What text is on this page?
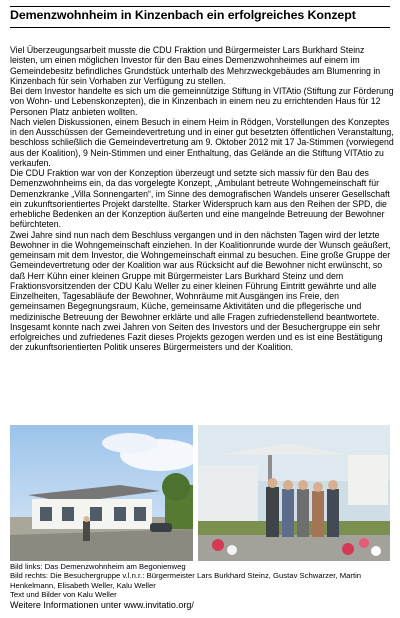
Demenzwohnheim in Kinzenbach ein erfolgreiches Konzept

Viel Überzeugungsarbeit musste die CDU Fraktion und Bürgermeister Lars Burkhard Steinz leisten, um einen möglichen Investor für den Bau eines Demenzwohnheimes auf einem im Gemeindebesitz befindliches Grundstück unterhalb des Mehrzweckgebäudes am Blumenring in Kinzenbach für sein Vorhaben zur Verfügung zu stellen.

Bei dem Investor handelte es sich um die gemeinnützige Stiftung in VITAtio (Stiftung zur Förderung von Wohn- und Lebenskonzepten), die in Kinzenbach in einem neu zu errichtenden Haus für 12 Personen Platz anbieten wollten.

Nach vielen Diskussionen, einem Besuch in einem Heim in Rödgen, Vorstellungen des Konzeptes in den Ausschüssen der Gemeindevertretung und in einer gut besetzten öffentlichen Veranstaltung, beschloss schließlich die Gemeindevertretung am 9. Oktober 2012 mit 17 Ja-Stimmen (vorwiegend aus der Koalition), 9 Nein-Stimmen und einer Enthaltung, das Gelände an die Stiftung VITAtio zu verkaufen.

Die CDU Fraktion war von der Konzeption überzeugt und setzte sich massiv für den Bau des Demenzwohnheims ein, da das vorgelegte Konzept, „Ambulant betreute Wohngemeinschaft für Demenzkranke „Villa Sonnengarten“, im Sinne des demografischen Wandels unserer Gesellschaft ein zukunftsorientiertes Projekt darstellte. Starker Widerspruch kam aus den Reihen der SPD, die erhebliche Bedenken an der Konzeption äußerten und eine mangelnde Betreuung der Bewohner befürchteten.

Zwei Jahre sind nun nach dem Beschluss vergangen und in den nächsten Tagen wird der letzte Bewohner in die Wohngemeinschaft einziehen. In der Koalitionrunde wurde der Wunsch geäußert, gemeinsam mit dem Investor, die Wohngemeinschaft einmal zu besuchen. Eine große Gruppe der Gemeindevertretung oder der Koalition war aus Rücksicht auf die Bewohner nicht erwünscht, so daß Herr Kühn einer kleinen Gruppe mit Bürgermeister Lars Burkhard Steinz und dem Fraktionsvorsitzenden der CDU Kalu Weller zu einer kleinen Führung Eintritt gewährte und alle Einzelheiten, Tagesabläufe der Bewohner, Wohnräume mit Ausgängen ins Freie, den gemeinsamen Begegnungsraum, Küche, gemeinsame Aktivitäten und die pflegerische und medizinische Betreuung der Bewohner erklärte und alle Fragen zufriedenstellend beantwortete.

Insgesamt konnte nach zwei Jahren von Seiten des Investors und der Besuchergruppe ein sehr erfolgreiches und zufriedenes Fazit dieses Projekts gezogen werden und es ist eine Bestätigung der zukunftsorientierten Politik unseres Bürgermeisters und der Koalition.

Bild links: Das Demenzwohnheim am Begonienweg
Bild rechts: Die Besuchergruppe v.l.n.r.: Bürgermeister Lars Burkhard Steinz, Gustav Schwarzer, Martin
Henkelmann, Elisabeth Weller, Kalu Weller
Text und Bilder von Kalu Weller
Weitere Informationen unter www.invitatio.org/
